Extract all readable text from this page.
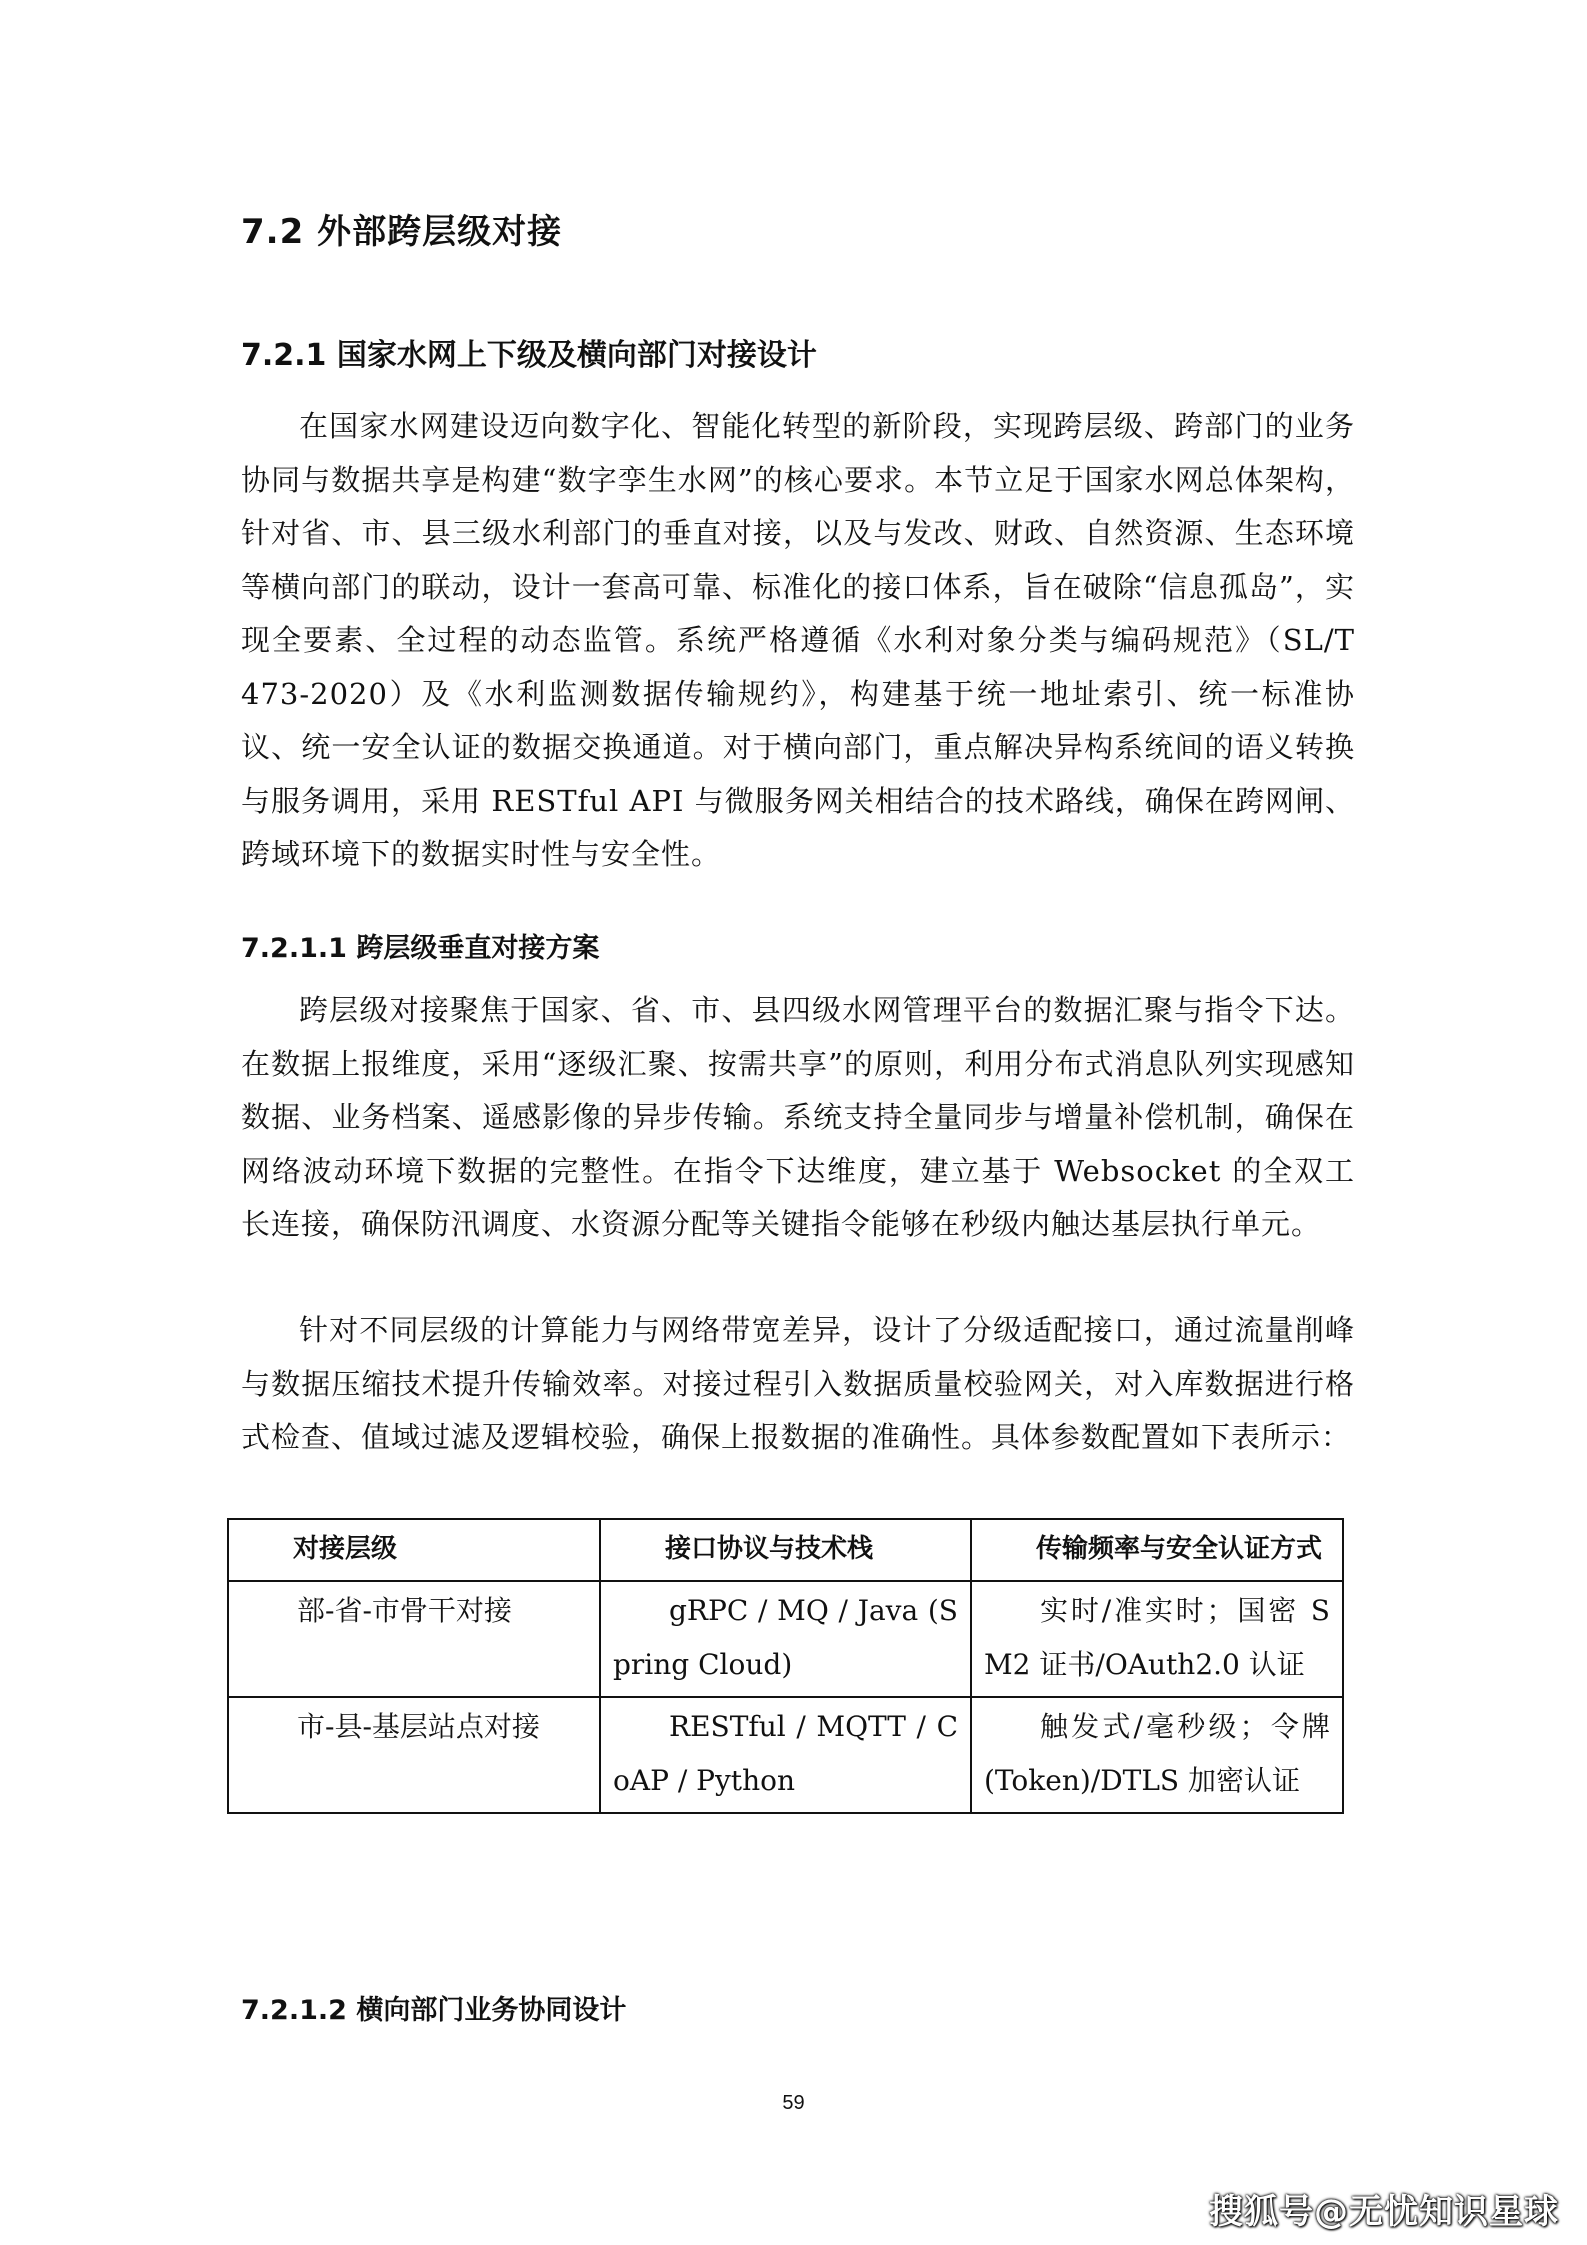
7.2 外部跨层级对接
7.2.1 国家水网上下级及横向部门对接设计

在国家水网建设迈向数字化、智能化转型的新阶段，实现跨层级、跨部门的业务协同与数据共享是构建“数字孪生水网”的核心要求。本节立足于国家水网总体架构，针对省、市、县三级水利部门的垂直对接，以及与发改、财政、自然资源、生态环境等横向部门的联动，设计一套高可靠、标准化的接口体系，旨在破除“信息孤岛”，实现全要素、全过程的动态监管。系统严格遵循《水利对象分类与编码规范》（SL/T 473-2020）及《水利监测数据传输规约》，构建基于统一地址索引、统一标准协议、统一安全认证的数据交换通道。对于横向部门，重点解决异构系统间的语义转换与服务调用，采用 RESTful API 与微服务网关相结合的技术路线，确保在跨网闸、跨域环境下的数据实时性与安全性。

7.2.1.1 跨层级垂直对接方案

跨层级对接聚焦于国家、省、市、县四级水网管理平台的数据汇聚与指令下达。在数据上报维度，采用“逐级汇聚、按需共享”的原则，利用分布式消息队列实现感知数据、业务档案、遥感影像的异步传输。系统支持全量同步与增量补偿机制，确保在网络波动环境下数据的完整性。在指令下达维度，建立基于 Websocket 的全双工长连接，确保防汛调度、水资源分配等关键指令能够在秒级内触达基层执行单元。

针对不同层级的计算能力与网络带宽差异，设计了分级适配接口，通过流量削峰与数据压缩技术提升传输效率。对接过程引入数据质量校验网关，对入库数据进行格式检查、值域过滤及逻辑校验，确保上报数据的准确性。具体参数配置如下表所示：

对接层级	接口协议与技术栈	传输频率与安全认证方式
部-省-市骨干对接	gRPC / MQ / Java (Spring Cloud)	实时/准实时；国密 SM2 证书/OAuth2.0 认证
市-县-基层站点对接	RESTful / MQTT / CoAP / Python	触发式/毫秒级；令牌(Token)/DTLS 加密认证
7.2.1.2 横向部门业务协同设计
59
搜狐号@无忧知识星球
